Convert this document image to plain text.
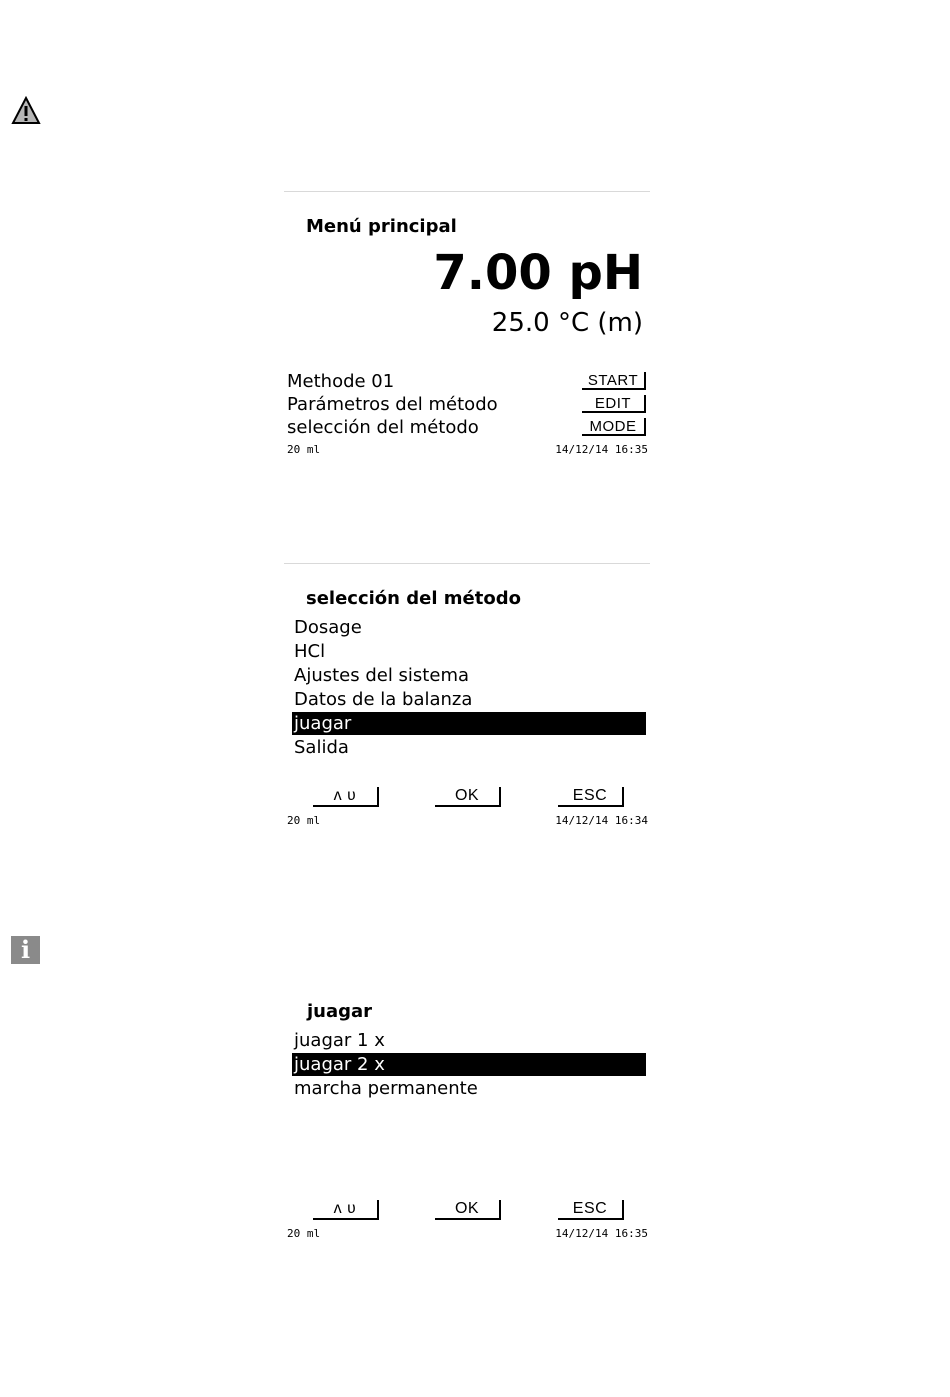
Menú principal
7.00 pH
25.0 °C (m)
Methode 01
Parámetros del método
selección del método
START
EDIT
MODE
20 ml	14/12/14 16:35
selección del método
Dosage
HCl
Ajustes del sistema
Datos de la balanza
juagar
Salida
ʌ ʋ	OK	ESC
20 ml	14/12/14 16:34
i
juagar
juagar 1 x
juagar 2 x
marcha permanente
ʌ ʋ	OK	ESC
20 ml	14/12/14 16:35
